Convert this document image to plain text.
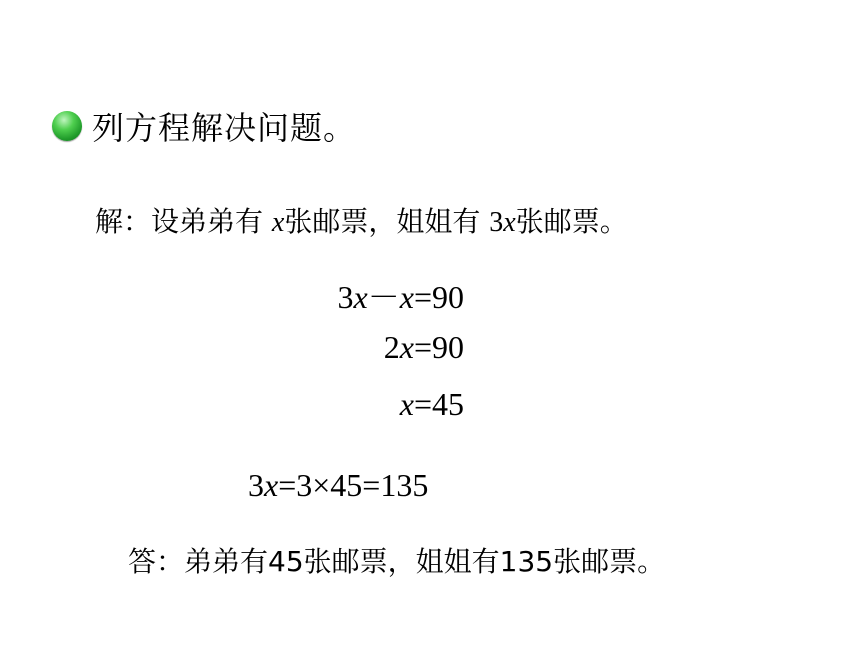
列方程解决问题。
解：设弟弟有 x张邮票，姐姐有 3x张邮票。
3x－x=90
2x=90
x=45
3x=3×45=135
答：弟弟有45张邮票，姐姐有135张邮票。
